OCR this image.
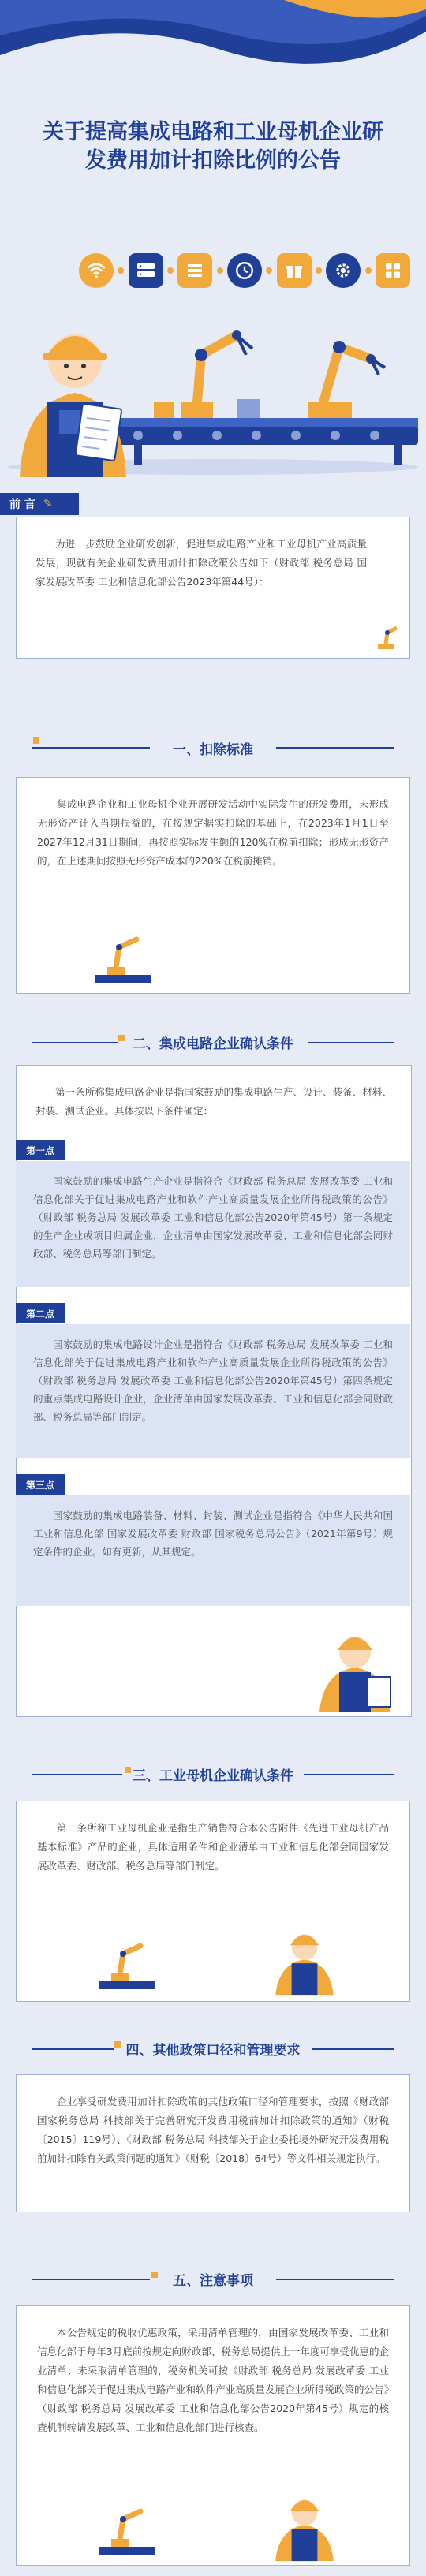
关于提高集成电路和工业母机企业研发费用加计扣除比例的公告
前 言 ✎

为进一步鼓励企业研发创新，促进集成电路产业和工业母机产业高质量发展，现就有关企业研发费用加计扣除政策公告如下（财政部 税务总局 国家发展改革委 工业和信息化部公告2023年第44号）：

一、扣除标准

集成电路企业和工业母机企业开展研发活动中实际发生的研发费用，未形成无形资产计入当期损益的，在按规定据实扣除的基础上，在2023年1月1日至2027年12月31日期间，再按照实际发生额的120%在税前扣除；形成无形资产的，在上述期间按照无形资产成本的220%在税前摊销。

二、集成电路企业确认条件

第一条所称集成电路企业是指国家鼓励的集成电路生产、设计、装备、材料、封装、测试企业。具体按以下条件确定：

第一点

国家鼓励的集成电路生产企业是指符合《财政部 税务总局 发展改革委 工业和信息化部关于促进集成电路产业和软件产业高质量发展企业所得税政策的公告》（财政部 税务总局 发展改革委 工业和信息化部公告2020年第45号）第一条规定的生产企业或项目归属企业，企业清单由国家发展改革委、工业和信息化部会同财政部、税务总局等部门制定。

第二点

国家鼓励的集成电路设计企业是指符合《财政部 税务总局 发展改革委 工业和信息化部关于促进集成电路产业和软件产业高质量发展企业所得税政策的公告》（财政部 税务总局 发展改革委 工业和信息化部公告2020年第45号）第四条规定的重点集成电路设计企业，企业清单由国家发展改革委、工业和信息化部会同财政部、税务总局等部门制定。

第三点

国家鼓励的集成电路装备、材料、封装、测试企业是指符合《中华人民共和国工业和信息化部 国家发展改革委 财政部 国家税务总局公告》（2021年第9号）规定条件的企业。如有更新，从其规定。

三、工业母机企业确认条件

第一条所称工业母机企业是指生产销售符合本公告附件《先进工业母机产品基本标准》产品的企业，具体适用条件和企业清单由工业和信息化部会同国家发展改革委、财政部、税务总局等部门制定。

四、其他政策口径和管理要求

企业享受研发费用加计扣除政策的其他政策口径和管理要求，按照《财政部 国家税务总局 科技部关于完善研究开发费用税前加计扣除政策的通知》（财税〔2015〕119号）、《财政部 税务总局 科技部关于企业委托境外研究开发费用税前加计扣除有关政策问题的通知》（财税〔2018〕64号）等文件相关规定执行。

五、注意事项

本公告规定的税收优惠政策，采用清单管理的，由国家发展改革委、工业和信息化部于每年3月底前按规定向财政部、税务总局提供上一年度可享受优惠的企业清单；未采取清单管理的，税务机关可按《财政部 税务总局 发展改革委 工业和信息化部关于促进集成电路产业和软件产业高质量发展企业所得税政策的公告》（财政部 税务总局 发展改革委 工业和信息化部公告2020年第45号）规定的核查机制转请发展改革、工业和信息化部门进行核查。
